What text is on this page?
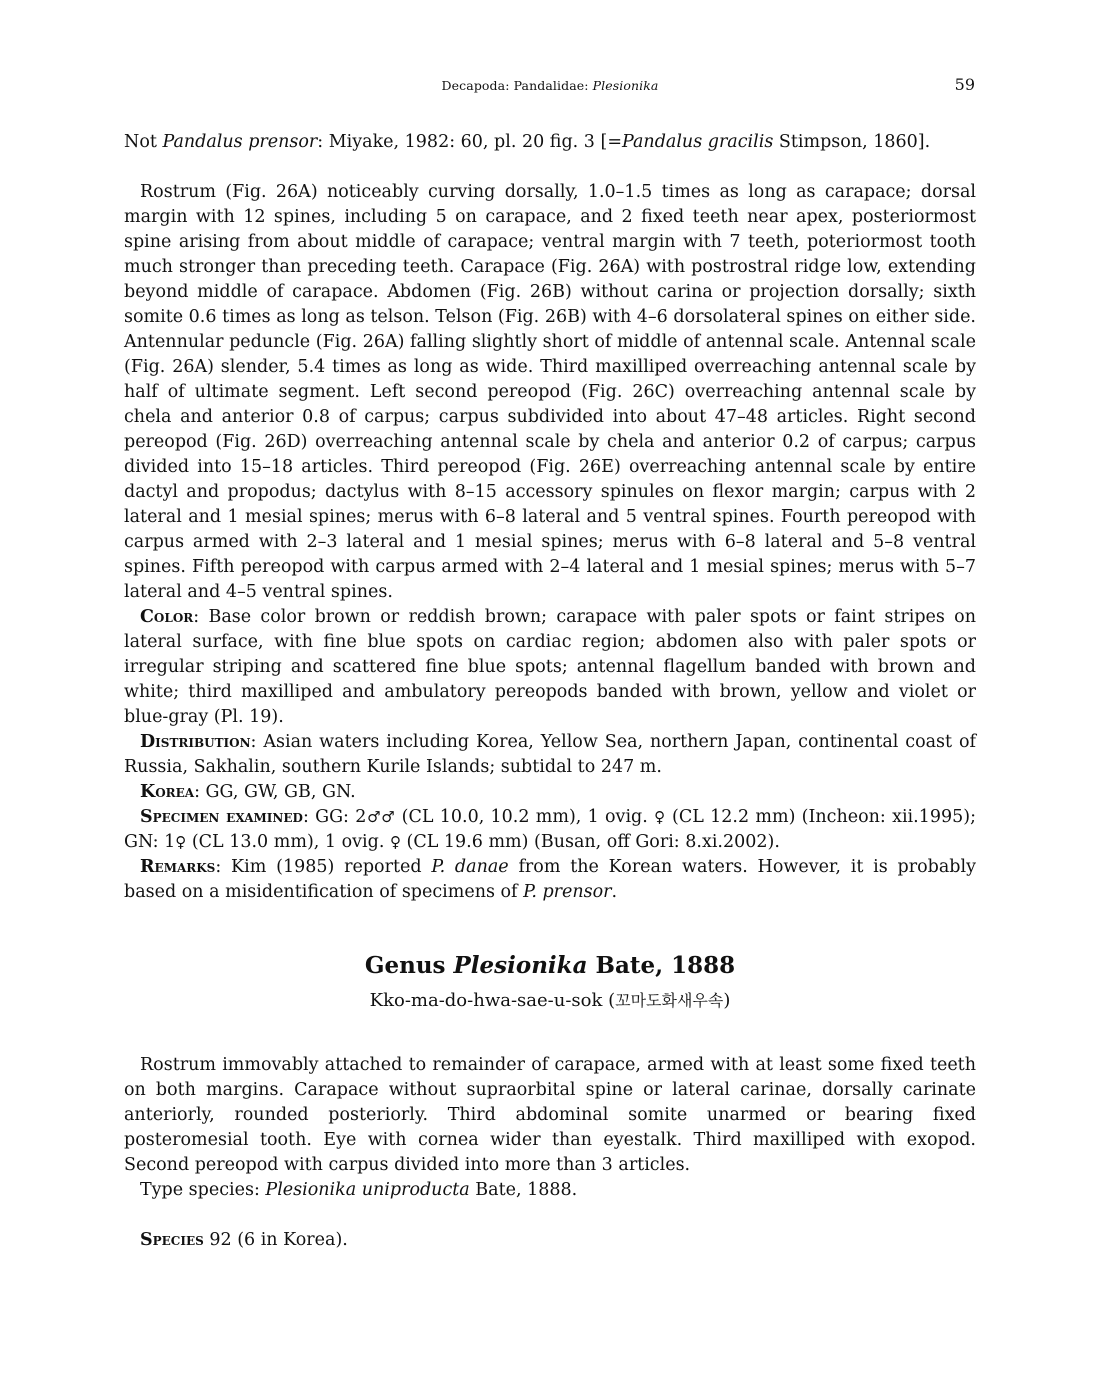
Decapoda: Pandalidae: Plesionika	59

Not Pandalus prensor: Miyake, 1982: 60, pl. 20 fig. 3 [=Pandalus gracilis Stimpson, 1860].

Rostrum (Fig. 26A) noticeably curving dorsally, 1.0–1.5 times as long as carapace; dorsal margin with 12 spines, including 5 on carapace, and 2 fixed teeth near apex, posteriormost spine arising from about middle of carapace; ventral margin with 7 teeth, poteriormost tooth much stronger than preceding teeth. Carapace (Fig. 26A) with postrostral ridge low, extending beyond middle of carapace. Abdomen (Fig. 26B) without carina or projection dorsally; sixth somite 0.6 times as long as telson. Telson (Fig. 26B) with 4–6 dorsolateral spines on either side. Antennular peduncle (Fig. 26A) falling slightly short of middle of antennal scale. Antennal scale (Fig. 26A) slender, 5.4 times as long as wide. Third maxilliped overreaching antennal scale by half of ultimate segment. Left second pereopod (Fig. 26C) overreaching antennal scale by chela and anterior 0.8 of carpus; carpus subdivided into about 47–48 articles. Right second pereopod (Fig. 26D) overreaching antennal scale by chela and anterior 0.2 of carpus; carpus divided into 15–18 articles. Third pereopod (Fig. 26E) overreaching antennal scale by entire dactyl and propodus; dactylus with 8–15 accessory spinules on flexor margin; carpus with 2 lateral and 1 mesial spines; merus with 6–8 lateral and 5 ventral spines. Fourth pereopod with carpus armed with 2–3 lateral and 1 mesial spines; merus with 6–8 lateral and 5–8 ventral spines. Fifth pereopod with carpus armed with 2–4 lateral and 1 mesial spines; merus with 5–7 lateral and 4–5 ventral spines.

Color: Base color brown or reddish brown; carapace with paler spots or faint stripes on lateral surface, with fine blue spots on cardiac region; abdomen also with paler spots or irregular striping and scattered fine blue spots; antennal flagellum banded with brown and white; third maxilliped and ambulatory pereopods banded with brown, yellow and violet or blue-gray (Pl. 19).

Distribution: Asian waters including Korea, Yellow Sea, northern Japan, continental coast of Russia, Sakhalin, southern Kurile Islands; subtidal to 247 m.

Korea: GG, GW, GB, GN.

Specimen examined: GG: 2♂♂ (CL 10.0, 10.2 mm), 1 ovig. ♀ (CL 12.2 mm) (Incheon: xii.1995); GN: 1♀ (CL 13.0 mm), 1 ovig. ♀ (CL 19.6 mm) (Busan, off Gori: 8.xi.2002).

Remarks: Kim (1985) reported P. danae from the Korean waters. However, it is probably based on a misidentification of specimens of P. prensor.

Genus Plesionika Bate, 1888
Kko-ma-do-hwa-sae-u-sok (꼬마도화새우속)

Rostrum immovably attached to remainder of carapace, armed with at least some fixed teeth on both margins. Carapace without supraorbital spine or lateral carinae, dorsally carinate anteriorly, rounded posteriorly. Third abdominal somite unarmed or bearing fixed posteromesial tooth. Eye with cornea wider than eyestalk. Third maxilliped with exopod. Second pereopod with carpus divided into more than 3 articles.

Type species: Plesionika uniproducta Bate, 1888.

Species 92 (6 in Korea).
